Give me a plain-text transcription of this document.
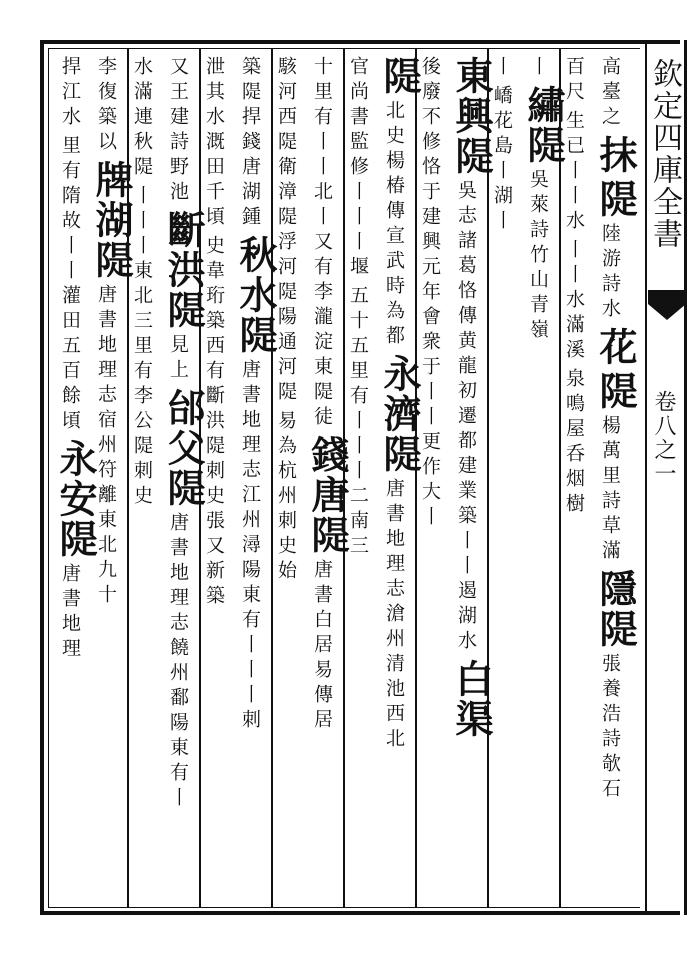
欽定四庫全書
卷八之一
高臺之
抹
隄
陸游詩水
花
隄
楊萬里詩草滿
隱隄
張養浩詩欹石
百尺
生已丨丨水
丨丨水滿溪
泉鳴屋呑烟樹
丨
繡隄
吳萊詩竹山青嶺
丨
嶠花島丨湖丨
東興隄
吳志諸葛恪傳黄龍初遷都建業築丨丨遏湖水
白渠
後廢不修恪于建興元年會衆于丨丨更作大丨
隄
北史楊椿傳宣武時為都
永濟隄
唐書地理志滄州清池西北
官尚書監修丨丨丨堰
五十五里有丨丨丨二南三
十里有丨丨北丨又有李瀧淀東隄徒
錢唐隄
唐書白居易傳居
駭河西隄衛漳隄浮河隄陽通河隄
易為杭州刺史始
築隄捍錢唐湖鍾
秋水隄
唐書地理志江州潯陽東有丨丨丨刺
泄其水溉田千頃
史韋珩築西有斷洪隄刺史張又新築
又王建詩野池
斷洪隄
見上
邰父隄
唐書地理志饒州鄱陽東有丨
水滿連秋隄
丨丨丨東北三里有李公隄刺史
李復築以
牌湖隄
唐書地理志宿州符離東北九十
捍江水
里有隋故丨丨灌田五百餘頃
永安隄
唐書地理
